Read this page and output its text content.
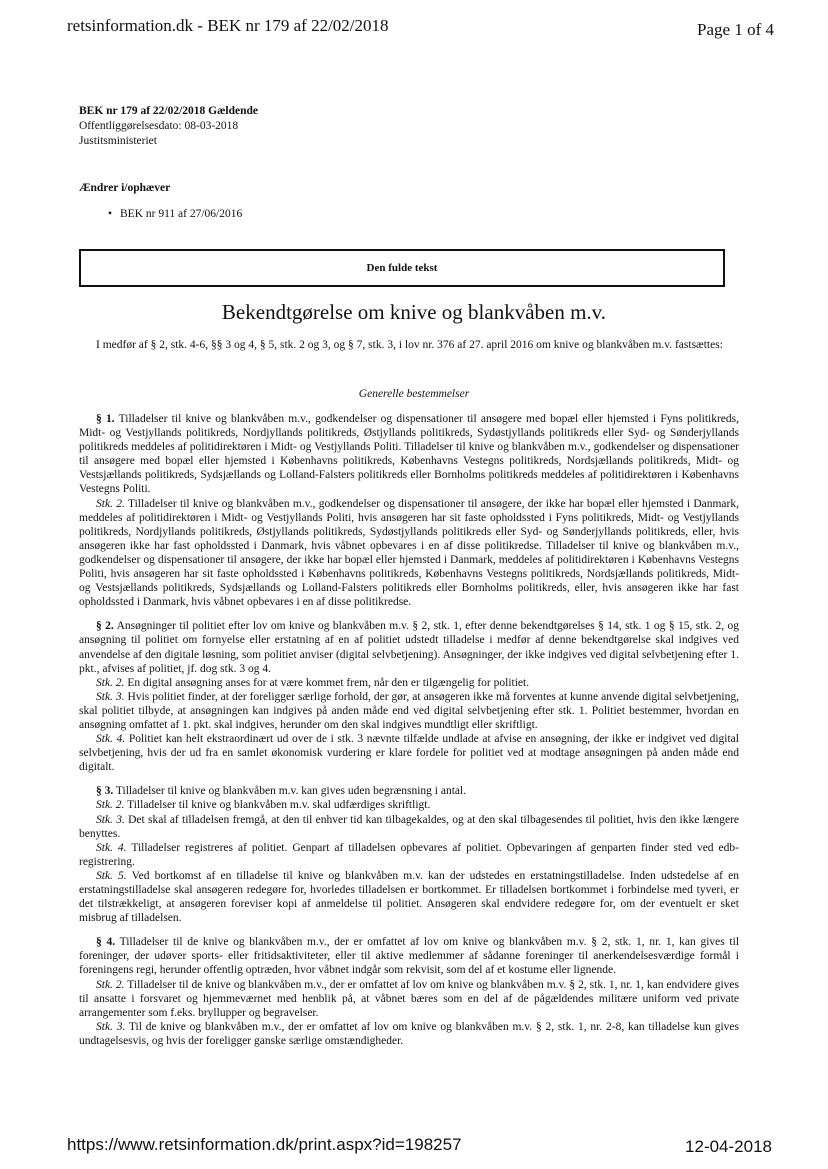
retsinformation.dk - BEK nr 179 af 22/02/2018	Page 1 of 4
BEK nr 179 af 22/02/2018 Gældende
Offentliggørelsesdato: 08-03-2018
Justitsministeriet
Ændrer i/ophæver
• BEK nr 911 af 27/06/2016
Den fulde tekst
Bekendtgørelse om knive og blankvåben m.v.
I medfør af § 2, stk. 4-6, §§ 3 og 4, § 5, stk. 2 og 3, og § 7, stk. 3, i lov nr. 376 af 27. april 2016 om knive og blankvåben m.v. fastsættes:
Generelle bestemmelser

§ 1. Tilladelser til knive og blankvåben m.v., godkendelser og dispensationer til ansøgere med bopæl eller hjemsted i Fyns politikreds, Midt- og Vestjyllands politikreds, Nordjyllands politikreds, Østjyllands politikreds, Sydøstjyllands politikreds eller Syd- og Sønderjyllands politikreds meddeles af politidirektøren i Midt- og Vestjyllands Politi. Tilladelser til knive og blankvåben m.v., godkendelser og dispensationer til ansøgere med bopæl eller hjemsted i Københavns politikreds, Københavns Vestegns politikreds, Nordsjællands politikreds, Midt- og Vestsjællands politikreds, Sydsjællands og Lolland-Falsters politikreds eller Bornholms politikreds meddeles af politidirektøren i Københavns Vestegns Politi.

Stk. 2. Tilladelser til knive og blankvåben m.v., godkendelser og dispensationer til ansøgere, der ikke har bopæl eller hjemsted i Danmark, meddeles af politidirektøren i Midt- og Vestjyllands Politi, hvis ansøgeren har sit faste opholdssted i Fyns politikreds, Midt- og Vestjyllands politikreds, Nordjyllands politikreds, Østjyllands politikreds, Sydøstjyllands politikreds eller Syd- og Sønderjyllands politikreds, eller, hvis ansøgeren ikke har fast opholdssted i Danmark, hvis våbnet opbevares i en af disse politikredse. Tilladelser til knive og blankvåben m.v., godkendelser og dispensationer til ansøgere, der ikke har bopæl eller hjemsted i Danmark, meddeles af politidirektøren i Københavns Vestegns Politi, hvis ansøgeren har sit faste opholdssted i Københavns politikreds, Københavns Vestegns politikreds, Nordsjællands politikreds, Midt- og Vestsjællands politikreds, Sydsjællands og Lolland-Falsters politikreds eller Bornholms politikreds, eller, hvis ansøgeren ikke har fast opholdssted i Danmark, hvis våbnet opbevares i en af disse politikredse.

§ 2. Ansøgninger til politiet efter lov om knive og blankvåben m.v. § 2, stk. 1, efter denne bekendtgørelses § 14, stk. 1 og § 15, stk. 2, og ansøgning til politiet om fornyelse eller erstatning af en af politiet udstedt tilladelse i medfør af denne bekendtgørelse skal indgives ved anvendelse af den digitale løsning, som politiet anviser (digital selvbetjening). Ansøgninger, der ikke indgives ved digital selvbetjening efter 1. pkt., afvises af politiet, jf. dog stk. 3 og 4.

Stk. 2. En digital ansøgning anses for at være kommet frem, når den er tilgængelig for politiet.

Stk. 3. Hvis politiet finder, at der foreligger særlige forhold, der gør, at ansøgeren ikke må forventes at kunne anvende digital selvbetjening, skal politiet tilbyde, at ansøgningen kan indgives på anden måde end ved digital selvbetjening efter stk. 1. Politiet bestemmer, hvordan en ansøgning omfattet af 1. pkt. skal indgives, herunder om den skal indgives mundtligt eller skriftligt.

Stk. 4. Politiet kan helt ekstraordinært ud over de i stk. 3 nævnte tilfælde undlade at afvise en ansøgning, der ikke er indgivet ved digital selvbetjening, hvis der ud fra en samlet økonomisk vurdering er klare fordele for politiet ved at modtage ansøgningen på anden måde end digitalt.

§ 3. Tilladelser til knive og blankvåben m.v. kan gives uden begrænsning i antal.

Stk. 2. Tilladelser til knive og blankvåben m.v. skal udfærdiges skriftligt.

Stk. 3. Det skal af tilladelsen fremgå, at den til enhver tid kan tilbagekaldes, og at den skal tilbagesendes til politiet, hvis den ikke længere benyttes.

Stk. 4. Tilladelser registreres af politiet. Genpart af tilladelsen opbevares af politiet. Opbevaringen af genparten finder sted ved edb-registrering.

Stk. 5. Ved bortkomst af en tilladelse til knive og blankvåben m.v. kan der udstedes en erstatningstilladelse. Inden udstedelse af en erstatningstilladelse skal ansøgeren redegøre for, hvorledes tilladelsen er bortkommet. Er tilladelsen bortkommet i forbindelse med tyveri, er det tilstrækkeligt, at ansøgeren foreviser kopi af anmeldelse til politiet. Ansøgeren skal endvidere redegøre for, om der eventuelt er sket misbrug af tilladelsen.

§ 4. Tilladelser til de knive og blankvåben m.v., der er omfattet af lov om knive og blankvåben m.v. § 2, stk. 1, nr. 1, kan gives til foreninger, der udøver sports- eller fritidsaktiviteter, eller til aktive medlemmer af sådanne foreninger til anerkendelsesværdige formål i foreningens regi, herunder offentlig optræden, hvor våbnet indgår som rekvisit, som del af et kostume eller lignende.

Stk. 2. Tilladelser til de knive og blankvåben m.v., der er omfattet af lov om knive og blankvåben m.v. § 2, stk. 1, nr. 1, kan endvidere gives til ansatte i forsvaret og hjemmeværnet med henblik på, at våbnet bæres som en del af de pågældendes militære uniform ved private arrangementer som f.eks. bryllupper og begravelser.

Stk. 3. Til de knive og blankvåben m.v., der er omfattet af lov om knive og blankvåben m.v. § 2, stk. 1, nr. 2-8, kan tilladelse kun gives undtagelsesvis, og hvis der foreligger ganske særlige omstændigheder.

https://www.retsinformation.dk/print.aspx?id=198257	12-04-2018
